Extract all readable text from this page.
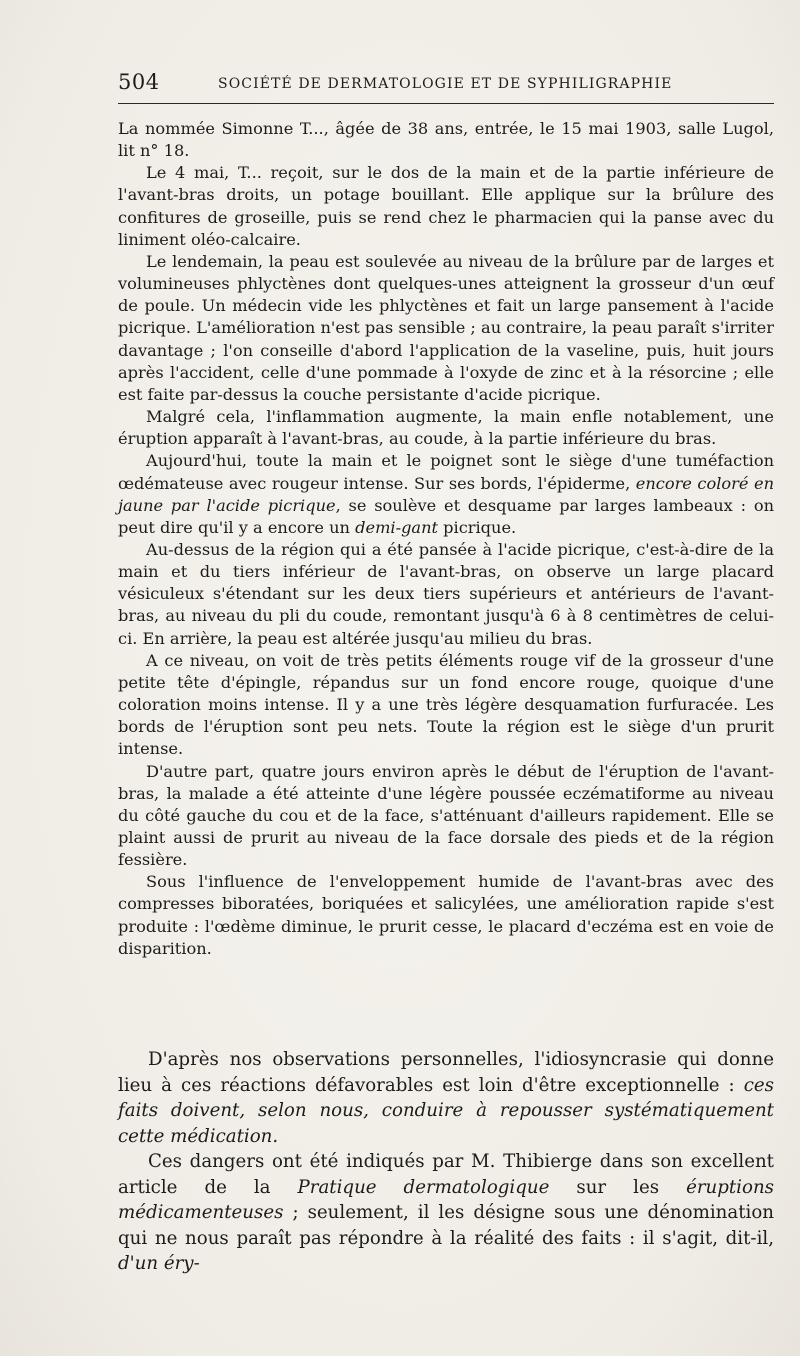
504	SOCIÉTÉ DE DERMATOLOGIE ET DE SYPHILIGRAPHIE

La nommée Simonne T..., âgée de 38 ans, entrée, le 15 mai 1903, salle Lugol, lit n° 18.

Le 4 mai, T... reçoit, sur le dos de la main et de la partie inférieure de l'avant-bras droits, un potage bouillant. Elle applique sur la brûlure des confitures de groseille, puis se rend chez le pharmacien qui la panse avec du liniment oléo-calcaire.

Le lendemain, la peau est soulevée au niveau de la brûlure par de larges et volumineuses phlyctènes dont quelques-unes atteignent la grosseur d'un œuf de poule. Un médecin vide les phlyctènes et fait un large pansement à l'acide picrique. L'amélioration n'est pas sensible ; au contraire, la peau paraît s'irriter davantage ; l'on conseille d'abord l'application de la vaseline, puis, huit jours après l'accident, celle d'une pommade à l'oxyde de zinc et à la résorcine ; elle est faite par-dessus la couche persistante d'acide picrique.

Malgré cela, l'inflammation augmente, la main enfle notablement, une éruption apparaît à l'avant-bras, au coude, à la partie inférieure du bras.

Aujourd'hui, toute la main et le poignet sont le siège d'une tuméfaction œdémateuse avec rougeur intense. Sur ses bords, l'épiderme, encore coloré en jaune par l'acide picrique, se soulève et desquame par larges lambeaux : on peut dire qu'il y a encore un demi-gant picrique.

Au-dessus de la région qui a été pansée à l'acide picrique, c'est-à-dire de la main et du tiers inférieur de l'avant-bras, on observe un large placard vésiculeux s'étendant sur les deux tiers supérieurs et antérieurs de l'avant-bras, au niveau du pli du coude, remontant jusqu'à 6 à 8 centimètres de celui-ci. En arrière, la peau est altérée jusqu'au milieu du bras.

A ce niveau, on voit de très petits éléments rouge vif de la grosseur d'une petite tête d'épingle, répandus sur un fond encore rouge, quoique d'une coloration moins intense. Il y a une très légère desquamation furfuracée. Les bords de l'éruption sont peu nets. Toute la région est le siège d'un prurit intense.

D'autre part, quatre jours environ après le début de l'éruption de l'avant-bras, la malade a été atteinte d'une légère poussée eczématiforme au niveau du côté gauche du cou et de la face, s'atténuant d'ailleurs rapidement. Elle se plaint aussi de prurit au niveau de la face dorsale des pieds et de la région fessière.

Sous l'influence de l'enveloppement humide de l'avant-bras avec des compresses biboratées, boriquées et salicylées, une amélioration rapide s'est produite : l'œdème diminue, le prurit cesse, le placard d'eczéma est en voie de disparition.

D'après nos observations personnelles, l'idiosyncrasie qui donne lieu à ces réactions défavorables est loin d'être exceptionnelle : ces faits doivent, selon nous, conduire à repousser systématiquement cette médication.

Ces dangers ont été indiqués par M. Thibierge dans son excellent article de la Pratique dermatologique sur les éruptions médicamenteuses ; seulement, il les désigne sous une dénomination qui ne nous paraît pas répondre à la réalité des faits : il s'agit, dit-il, d'un éry-
